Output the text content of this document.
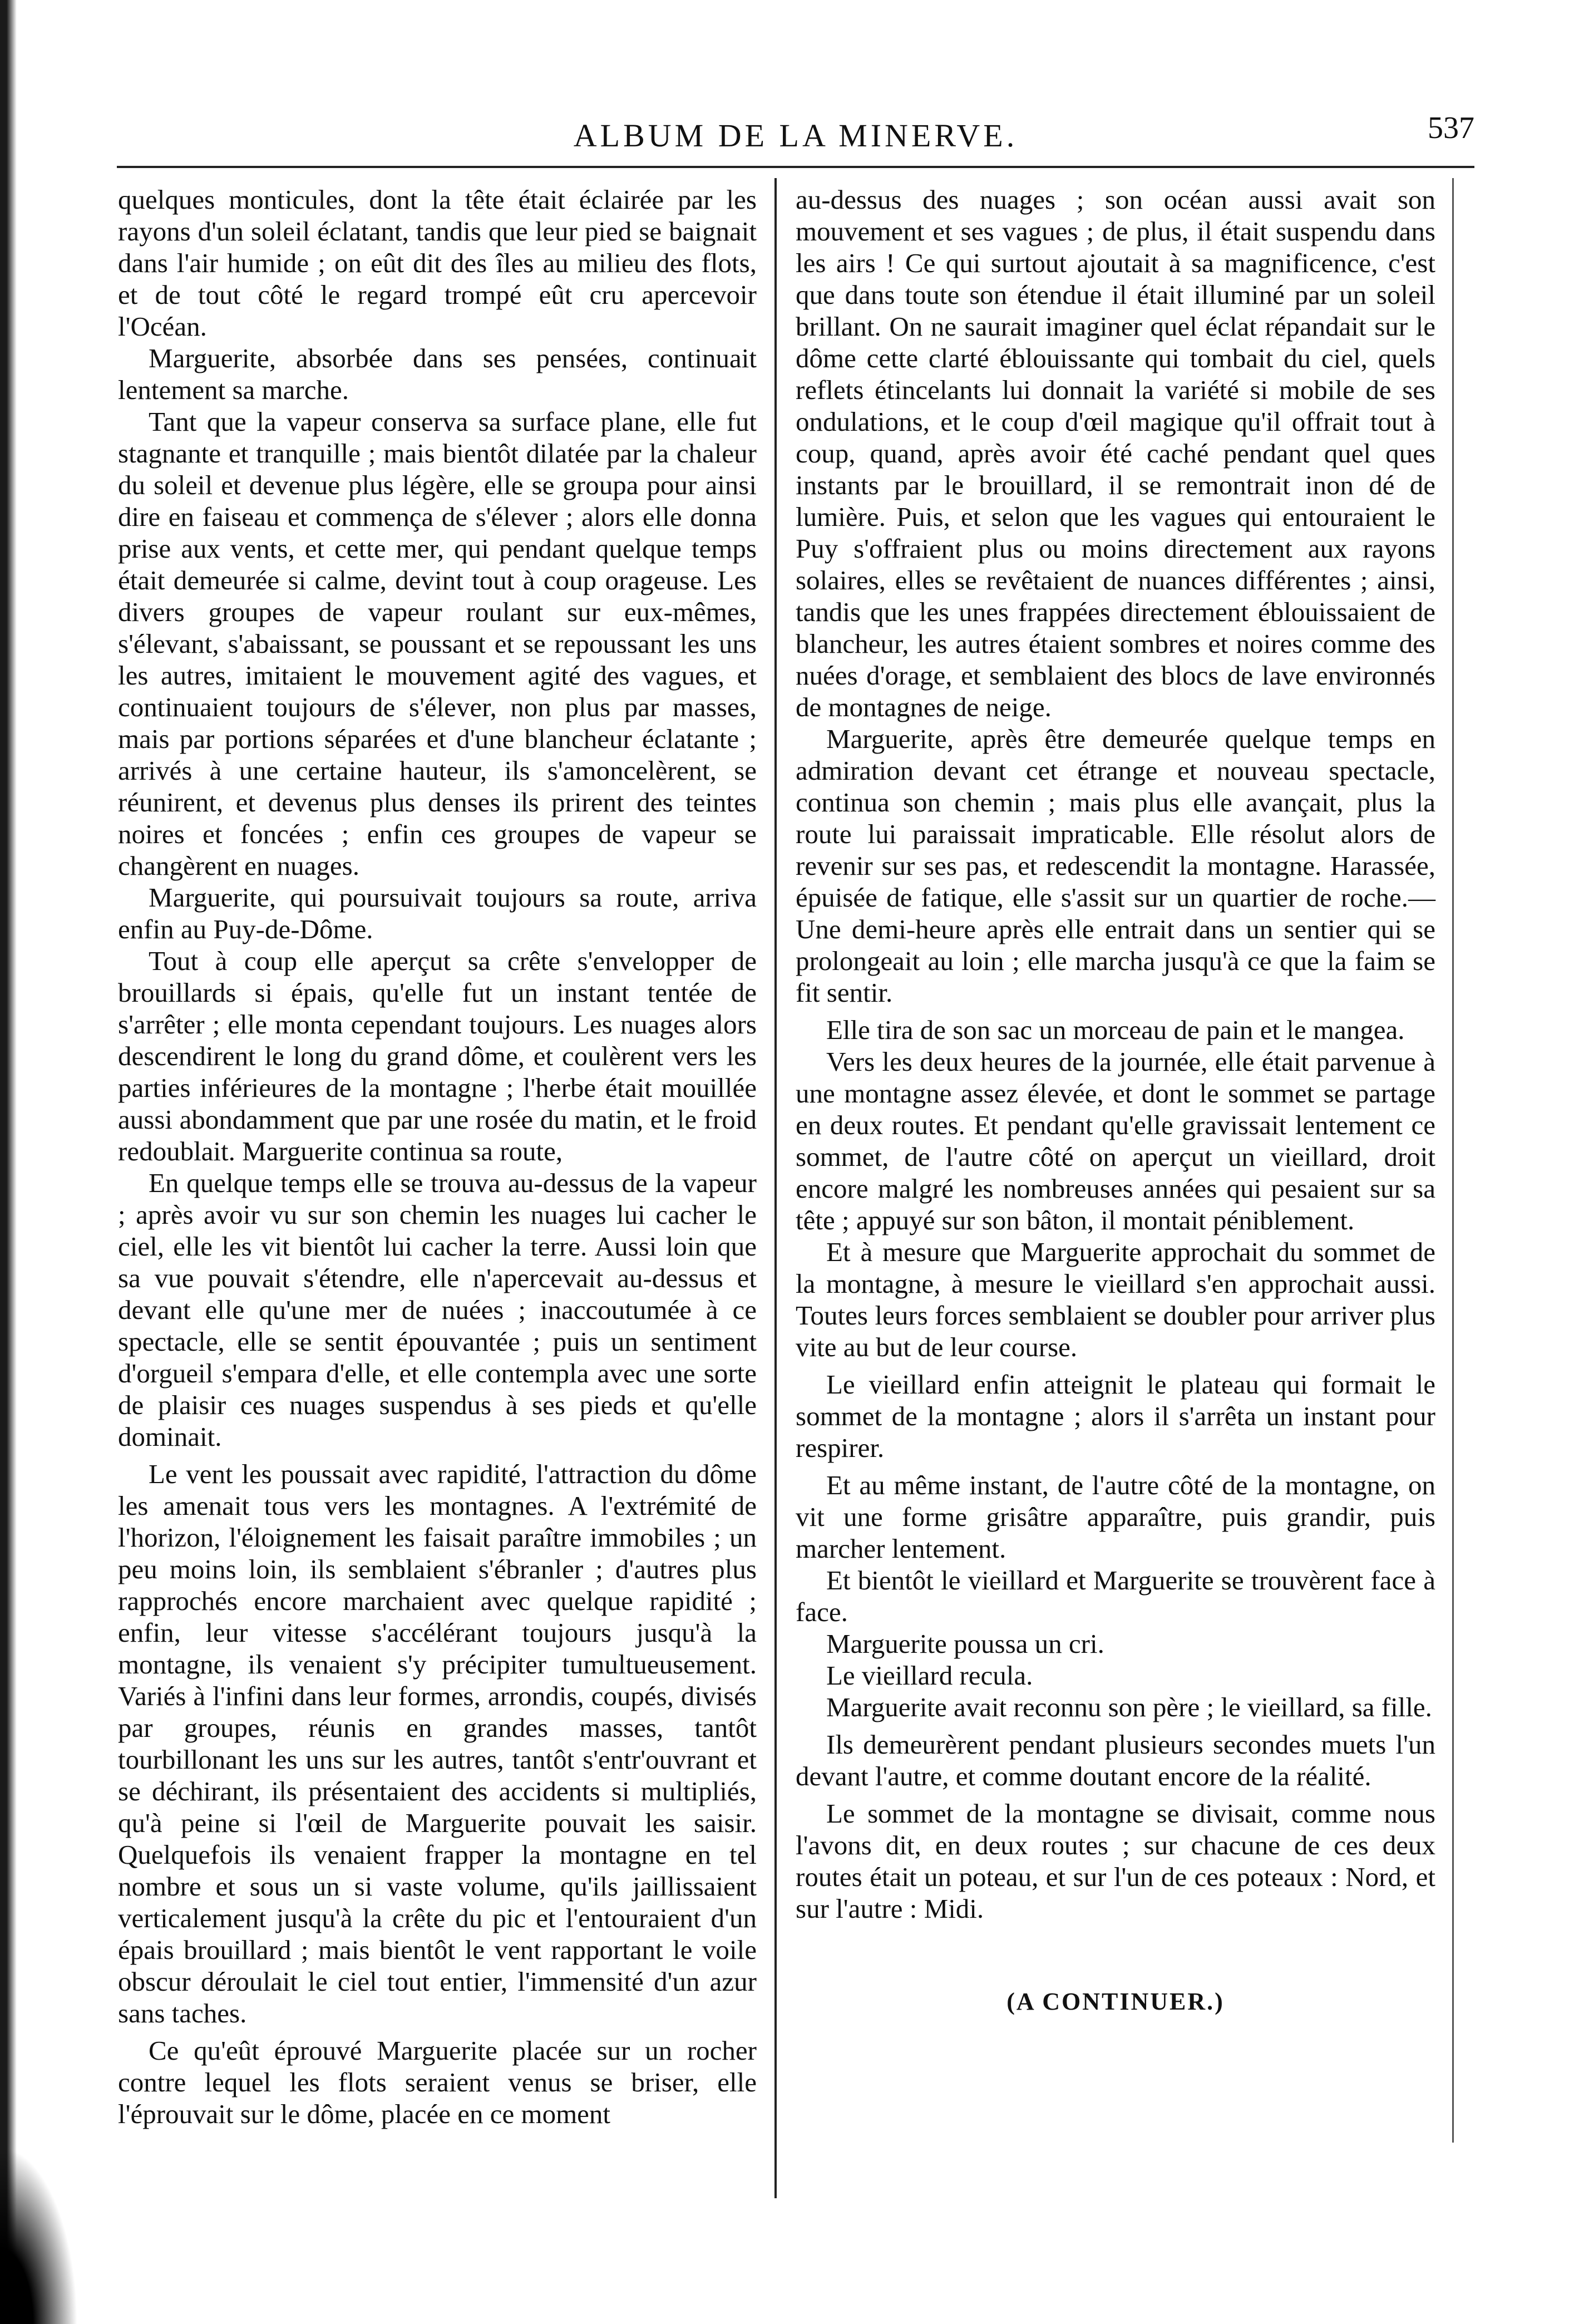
ALBUM DE LA MINERVE.	537

quelques monticules, dont la tête était éclairée par les rayons d'un soleil éclatant, tandis que leur pied se baignait dans l'air humide ; on eût dit des îles au milieu des flots, et de tout côté le regard trompé eût cru apercevoir l'Océan.

Marguerite, absorbée dans ses pensées, continuait lentement sa marche.

Tant que la vapeur conserva sa surface plane, elle fut stagnante et tranquille ; mais bientôt dilatée par la chaleur du soleil et devenue plus légère, elle se groupa pour ainsi dire en faiseau et commença de s'élever ; alors elle donna prise aux vents, et cette mer, qui pendant quelque temps était demeurée si calme, devint tout à coup orageuse. Les divers groupes de vapeur roulant sur eux-mêmes, s'élevant, s'abaissant, se poussant et se repoussant les uns les autres, imitaient le mouvement agité des vagues, et continuaient toujours de s'élever, non plus par masses, mais par portions séparées et d'une blancheur éclatante ; arrivés à une certaine hauteur, ils s'amoncelèrent, se réunirent, et devenus plus denses ils prirent des teintes noires et foncées ; enfin ces groupes de vapeur se changèrent en nuages.

Marguerite, qui poursuivait toujours sa route, arriva enfin au Puy-de-Dôme.

Tout à coup elle aperçut sa crête s'envelopper de brouillards si épais, qu'elle fut un instant tentée de s'arrêter ; elle monta cependant toujours. Les nuages alors descendirent le long du grand dôme, et coulèrent vers les parties inférieures de la montagne ; l'herbe était mouillée aussi abondamment que par une rosée du matin, et le froid redoublait. Marguerite continua sa route,

En quelque temps elle se trouva au-dessus de la vapeur ; après avoir vu sur son chemin les nuages lui cacher le ciel, elle les vit bientôt lui cacher la terre. Aussi loin que sa vue pouvait s'étendre, elle n'apercevait au-dessus et devant elle qu'une mer de nuées ; inaccoutumée à ce spectacle, elle se sentit épouvantée ; puis un sentiment d'orgueil s'empara d'elle, et elle contempla avec une sorte de plaisir ces nuages suspendus à ses pieds et qu'elle dominait.

Le vent les poussait avec rapidité, l'attraction du dôme les amenait tous vers les montagnes. A l'extrémité de l'horizon, l'éloignement les faisait paraître immobiles ; un peu moins loin, ils semblaient s'ébranler ; d'autres plus rapprochés encore marchaient avec quelque rapidité ; enfin, leur vitesse s'accélérant toujours jusqu'à la montagne, ils venaient s'y précipiter tumultueusement. Variés à l'infini dans leur formes, arrondis, coupés, divisés par groupes, réunis en grandes masses, tantôt tourbillonant les uns sur les autres, tantôt s'entr'ouvrant et se déchirant, ils présentaient des accidents si multipliés, qu'à peine si l'œil de Marguerite pouvait les saisir. Quelquefois ils venaient frapper la montagne en tel nombre et sous un si vaste volume, qu'ils jaillissaient verticalement jusqu'à la crête du pic et l'entouraient d'un épais brouillard ; mais bientôt le vent rapportant le voile obscur déroulait le ciel tout entier, l'immensité d'un azur sans taches.

Ce qu'eût éprouvé Marguerite placée sur un rocher contre lequel les flots seraient venus se briser, elle l'éprouvait sur le dôme, placée en ce moment

au-dessus des nuages ; son océan aussi avait son mouvement et ses vagues ; de plus, il était suspendu dans les airs ! Ce qui surtout ajoutait à sa magnificence, c'est que dans toute son étendue il était illuminé par un soleil brillant. On ne saurait imaginer quel éclat répandait sur le dôme cette clarté éblouissante qui tombait du ciel, quels reflets étincelants lui donnait la variété si mobile de ses ondulations, et le coup d'œil magique qu'il offrait tout à coup, quand, après avoir été caché pendant quel ques instants par le brouillard, il se remontrait inon dé de lumière. Puis, et selon que les vagues qui entouraient le Puy s'offraient plus ou moins directement aux rayons solaires, elles se revêtaient de nuances différentes ; ainsi, tandis que les unes frappées directement éblouissaient de blancheur, les autres étaient sombres et noires comme des nuées d'orage, et semblaient des blocs de lave environnés de montagnes de neige.

Marguerite, après être demeurée quelque temps en admiration devant cet étrange et nouveau spectacle, continua son chemin ; mais plus elle avançait, plus la route lui paraissait impraticable. Elle résolut alors de revenir sur ses pas, et redescendit la montagne. Harassée, épuisée de fatique, elle s'assit sur un quartier de roche.—Une demi-heure après elle entrait dans un sentier qui se prolongeait au loin ; elle marcha jusqu'à ce que la faim se fit sentir.

Elle tira de son sac un morceau de pain et le mangea.

Vers les deux heures de la journée, elle était parvenue à une montagne assez élevée, et dont le sommet se partage en deux routes. Et pendant qu'elle gravissait lentement ce sommet, de l'autre côté on aperçut un vieillard, droit encore malgré les nombreuses années qui pesaient sur sa tête ; appuyé sur son bâton, il montait péniblement.

Et à mesure que Marguerite approchait du sommet de la montagne, à mesure le vieillard s'en approchait aussi. Toutes leurs forces semblaient se doubler pour arriver plus vite au but de leur course.

Le vieillard enfin atteignit le plateau qui formait le sommet de la montagne ; alors il s'arrêta un instant pour respirer.

Et au même instant, de l'autre côté de la montagne, on vit une forme grisâtre apparaître, puis grandir, puis marcher lentement.

Et bientôt le vieillard et Marguerite se trouvèrent face à face.

Marguerite poussa un cri.

Le vieillard recula.

Marguerite avait reconnu son père ; le vieillard, sa fille.

Ils demeurèrent pendant plusieurs secondes muets l'un devant l'autre, et comme doutant encore de la réalité.

Le sommet de la montagne se divisait, comme nous l'avons dit, en deux routes ; sur chacune de ces deux routes était un poteau, et sur l'un de ces poteaux : Nord, et sur l'autre : Midi.

(A CONTINUER.)
